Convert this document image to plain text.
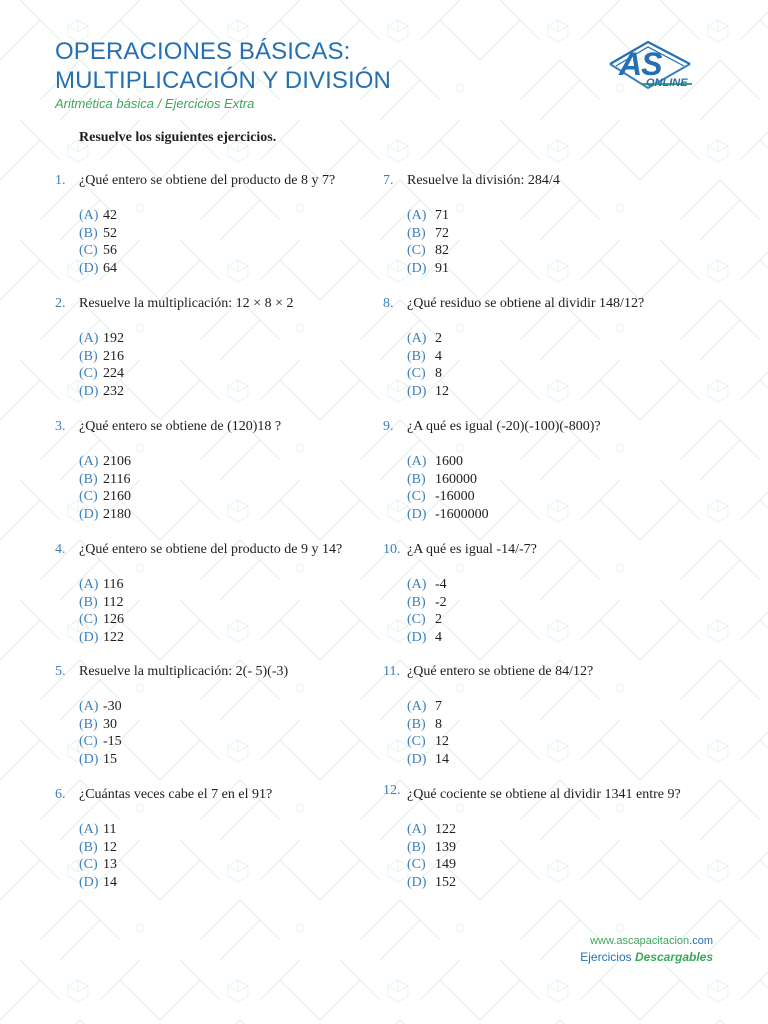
OPERACIONES BÁSICAS:
MULTIPLICACIÓN Y DIVISIÓN
Aritmética básica / Ejercicios Extra
AS
ONLINE
Resuelve los siguientes ejercicios.
1. ¿Qué entero se obtiene del producto de 8 y 7?
(A) 42
(B) 52
(C) 56
(D) 64
2. Resuelve la multiplicación: 12 × 8 × 2
(A) 192
(B) 216
(C) 224
(D) 232
3. ¿Qué entero se obtiene de (120)18 ?
(A) 2106
(B) 2116
(C) 2160
(D) 2180
4. ¿Qué entero se obtiene del producto de 9 y 14?
(A) 116
(B) 112
(C) 126
(D) 122
5. Resuelve la multiplicación: 2(- 5)(-3)
(A) -30
(B) 30
(C) -15
(D) 15
6. ¿Cuántas veces cabe el 7 en el 91?
(A) 11
(B) 12
(C) 13
(D) 14
7. Resuelve la división: 284/4
(A) 71
(B) 72
(C) 82
(D) 91
8. ¿Qué residuo se obtiene al dividir 148/12?
(A) 2
(B) 4
(C) 8
(D) 12
9. ¿A qué es igual (-20)(-100)(-800)?
(A) 1600
(B) 160000
(C) -16000
(D) -1600000
10. ¿A qué es igual -14/-7?
(A) -4
(B) -2
(C) 2
(D) 4
11. ¿Qué entero se obtiene de 84/12?
(A) 7
(B) 8
(C) 12
(D) 14
12. ¿Qué cociente se obtiene al dividir 1341 entre 9?
(A) 122
(B) 139
(C) 149
(D) 152
www.ascapacitacion.com
Ejercicios Descargables
